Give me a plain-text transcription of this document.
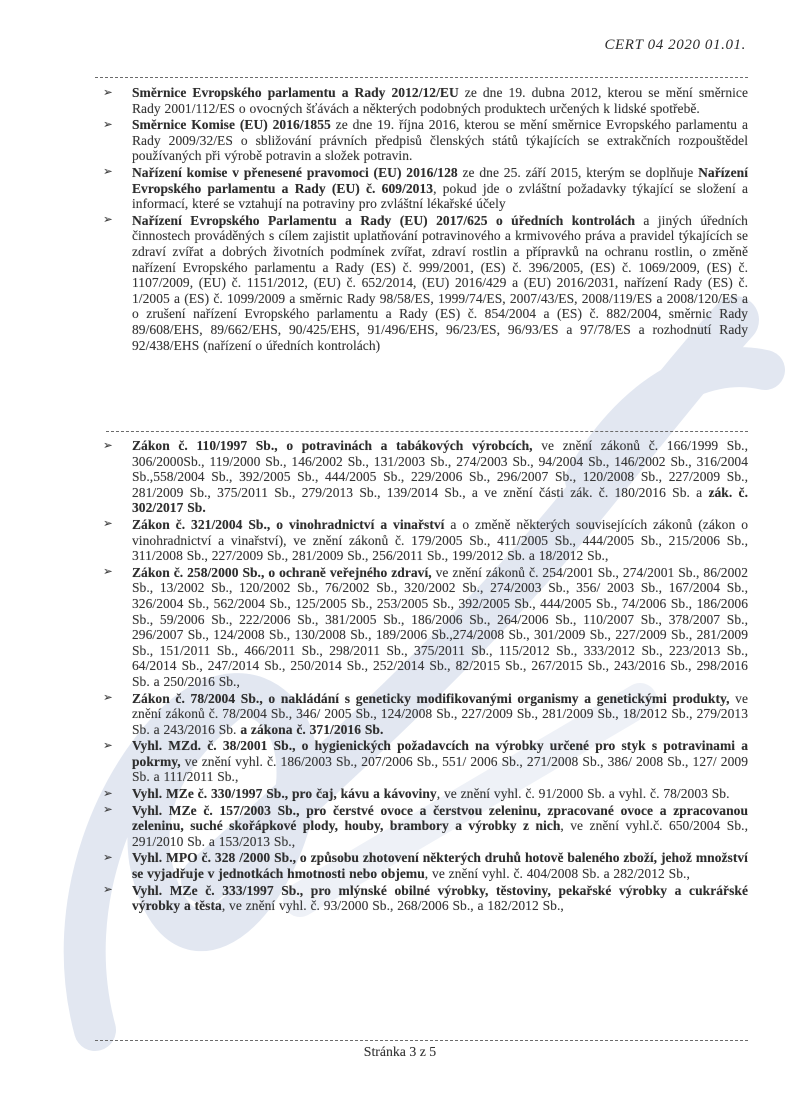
CERT 04 2020 01.01.
➢ Směrnice Evropského parlamentu a Rady 2012/12/EU ze dne 19. dubna 2012, kterou se mění směrnice Rady 2001/112/ES o ovocných šťávách a některých podobných produktech určených k lidské spotřebě.
➢ Směrnice Komise (EU) 2016/1855 ze dne 19. října 2016, kterou se mění směrnice Evropského parlamentu a Rady 2009/32/ES o sbližování právních předpisů členských států týkajících se extrakčních rozpouštědel používaných při výrobě potravin a složek potravin.
➢ Nařízení komise v přenesené pravomoci (EU) 2016/128 ze dne 25. září 2015, kterým se doplňuje Nařízení Evropského parlamentu a Rady (EU) č. 609/2013, pokud jde o zvláštní požadavky týkající se složení a informací, které se vztahují na potraviny pro zvláštní lékařské účely
➢ Nařízení Evropského Parlamentu a Rady (EU) 2017/625 o úředních kontrolách a jiných úředních činnostech prováděných s cílem zajistit uplatňování potravinového a krmivového práva a pravidel týkajících se zdraví zvířat a dobrých životních podmínek zvířat, zdraví rostlin a přípravků na ochranu rostlin, o změně nařízení Evropského parlamentu a Rady (ES) č. 999/2001, (ES) č. 396/2005, (ES) č. 1069/2009, (ES) č. 1107/2009, (EU) č. 1151/2012, (EU) č. 652/2014, (EU) 2016/429 a (EU) 2016/2031, nařízení Rady (ES) č. 1/2005 a (ES) č. 1099/2009 a směrnic Rady 98/58/ES, 1999/74/ES, 2007/43/ES, 2008/119/ES a 2008/120/ES a o zrušení nařízení Evropského parlamentu a Rady (ES) č. 854/2004 a (ES) č. 882/2004, směrnic Rady 89/608/EHS, 89/662/EHS, 90/425/EHS, 91/496/EHS, 96/23/ES, 96/93/ES a 97/78/ES a rozhodnutí Rady 92/438/EHS (nařízení o úředních kontrolách)
➢ Zákon č. 110/1997 Sb., o potravinách a tabákových výrobcích, ve znění zákonů č. 166/1999 Sb., 306/2000Sb., 119/2000 Sb., 146/2002 Sb., 131/2003 Sb., 274/2003 Sb., 94/2004 Sb., 146/2002 Sb., 316/2004 Sb.,558/2004 Sb., 392/2005 Sb., 444/2005 Sb., 229/2006 Sb., 296/2007 Sb., 120/2008 Sb., 227/2009 Sb., 281/2009 Sb., 375/2011 Sb., 279/2013 Sb., 139/2014 Sb., a ve znění části zák. č. 180/2016 Sb. a zák. č. 302/2017 Sb.
➢ Zákon č. 321/2004 Sb., o vinohradnictví a vinařství a o změně některých souvisejících zákonů (zákon o vinohradnictví a vinařství), ve znění zákonů č. 179/2005 Sb., 411/2005 Sb., 444/2005 Sb., 215/2006 Sb., 311/2008 Sb., 227/2009 Sb., 281/2009 Sb., 256/2011 Sb., 199/2012 Sb. a 18/2012 Sb.,
➢ Zákon č. 258/2000 Sb., o ochraně veřejného zdraví, ve znění zákonů č. 254/2001 Sb., 274/2001 Sb., 86/2002 Sb., 13/2002 Sb., 120/2002 Sb., 76/2002 Sb., 320/2002 Sb., 274/2003 Sb., 356/ 2003 Sb., 167/2004 Sb., 326/2004 Sb., 562/2004 Sb., 125/2005 Sb., 253/2005 Sb., 392/2005 Sb., 444/2005 Sb., 74/2006 Sb., 186/2006 Sb., 59/2006 Sb., 222/2006 Sb., 381/2005 Sb., 186/2006 Sb., 264/2006 Sb., 110/2007 Sb., 378/2007 Sb., 296/2007 Sb., 124/2008 Sb., 130/2008 Sb., 189/2006 Sb.,274/2008 Sb., 301/2009 Sb., 227/2009 Sb., 281/2009 Sb., 151/2011 Sb., 466/2011 Sb., 298/2011 Sb., 375/2011 Sb., 115/2012 Sb., 333/2012 Sb., 223/2013 Sb., 64/2014 Sb., 247/2014 Sb., 250/2014 Sb., 252/2014 Sb., 82/2015 Sb., 267/2015 Sb., 243/2016 Sb., 298/2016 Sb. a 250/2016 Sb.,
➢ Zákon č. 78/2004 Sb., o nakládání s geneticky modifikovanými organismy a genetickými produkty, ve znění zákonů č. 78/2004 Sb., 346/ 2005 Sb., 124/2008 Sb., 227/2009 Sb., 281/2009 Sb., 18/2012 Sb., 279/2013 Sb. a 243/2016 Sb. a zákona č. 371/2016 Sb.
➢ Vyhl. MZd. č. 38/2001 Sb., o hygienických požadavcích na výrobky určené pro styk s potravinami a pokrmy, ve znění vyhl. č. 186/2003 Sb., 207/2006 Sb., 551/ 2006 Sb., 271/2008 Sb., 386/ 2008 Sb., 127/ 2009 Sb. a 111/2011 Sb.,
➢ Vyhl. MZe č. 330/1997 Sb., pro čaj, kávu a kávoviny, ve znění vyhl. č. 91/2000 Sb. a vyhl. č. 78/2003 Sb.
➢ Vyhl. MZe č. 157/2003 Sb., pro čerstvé ovoce a čerstvou zeleninu, zpracované ovoce a zpracovanou zeleninu, suché skořápkové plody, houby, brambory a výrobky z nich, ve znění vyhl.č. 650/2004 Sb., 291/2010 Sb. a 153/2013 Sb.,
➢ Vyhl. MPO č. 328 /2000 Sb., o způsobu zhotovení některých druhů hotově baleného zboží, jehož množství se vyjadřuje v jednotkách hmotnosti nebo objemu, ve znění vyhl. č. 404/2008 Sb. a 282/2012 Sb.,
➢ Vyhl. MZe č. 333/1997 Sb., pro mlýnské obilné výrobky, těstoviny, pekařské výrobky a cukrářské výrobky a těsta, ve znění vyhl. č. 93/2000 Sb., 268/2006 Sb., a 182/2012 Sb.,
Stránka 3 z 5
